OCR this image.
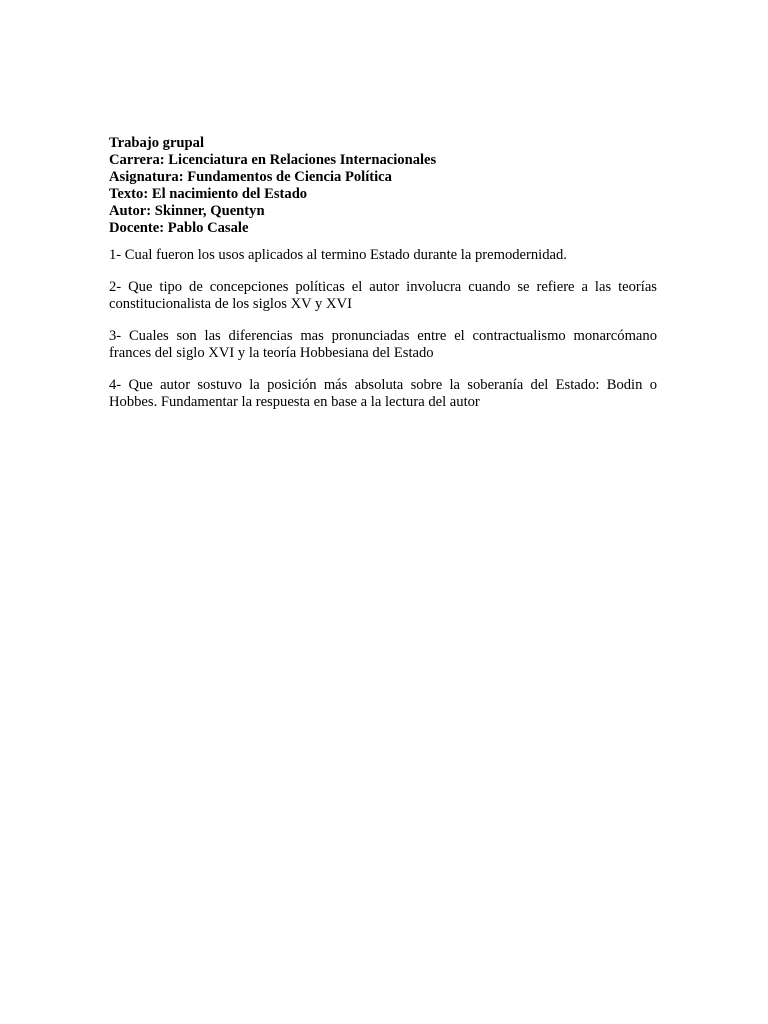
Trabajo grupal
Carrera: Licenciatura en Relaciones Internacionales
Asignatura: Fundamentos de Ciencia Política
Texto: El nacimiento del Estado
Autor: Skinner, Quentyn
Docente: Pablo Casale

1- Cual fueron los usos aplicados al termino Estado durante la premodernidad.

2- Que tipo de concepciones políticas el autor involucra cuando se refiere a las teorías constitucionalista de los siglos XV y XVI

3- Cuales son las diferencias mas pronunciadas entre el contractualismo monarcómano frances del siglo XVI y la teoría Hobbesiana del Estado

4- Que autor sostuvo la posición más absoluta sobre la soberanía del Estado: Bodin o Hobbes. Fundamentar la respuesta en base a la lectura del autor
